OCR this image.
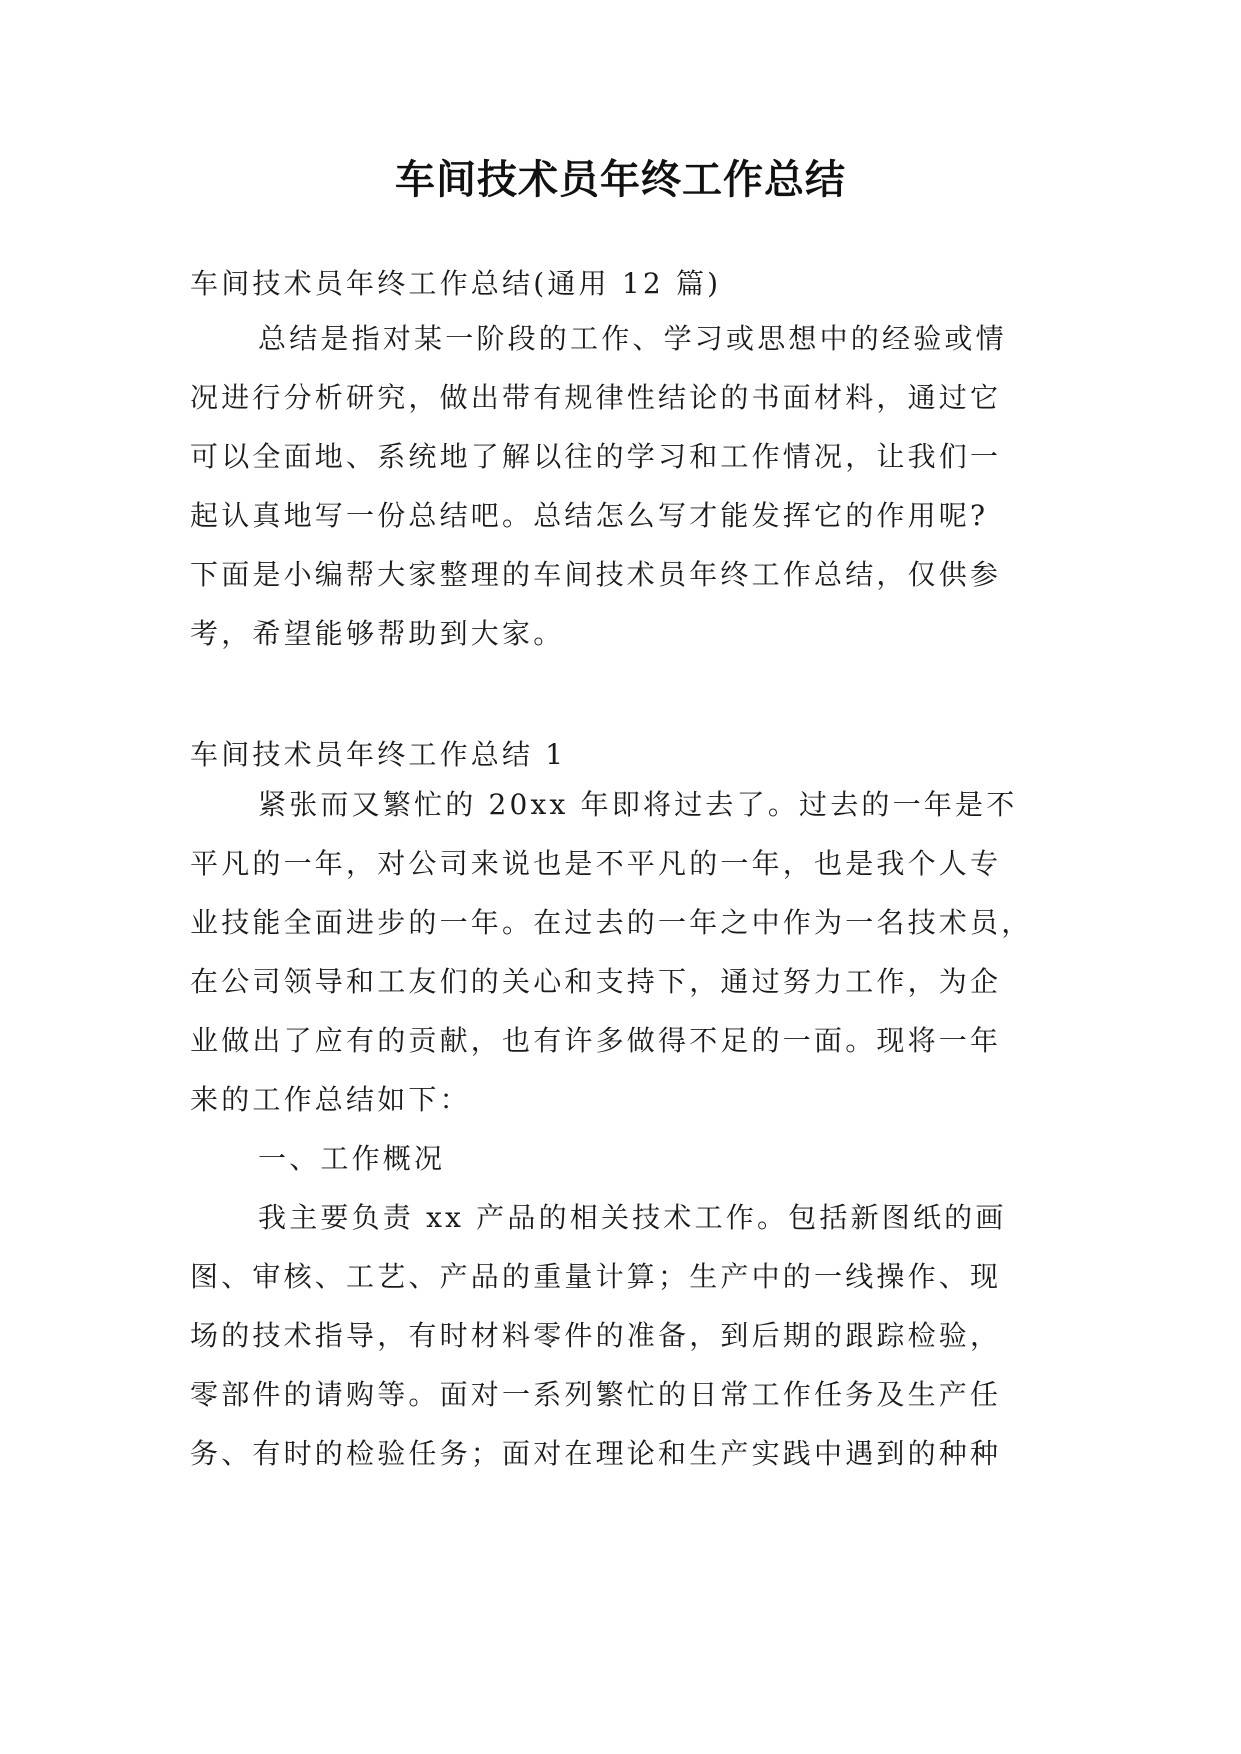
车间技术员年终工作总结
车间技术员年终工作总结(通用 12 篇)
总结是指对某一阶段的工作、学习或思想中的经验或情
况进行分析研究，做出带有规律性结论的书面材料，通过它
可以全面地、系统地了解以往的学习和工作情况，让我们一
起认真地写一份总结吧。总结怎么写才能发挥它的作用呢?
下面是小编帮大家整理的车间技术员年终工作总结，仅供参
考，希望能够帮助到大家。
车间技术员年终工作总结 1
紧张而又繁忙的 20xx 年即将过去了。过去的一年是不
平凡的一年，对公司来说也是不平凡的一年，也是我个人专
业技能全面进步的一年。在过去的一年之中作为一名技术员，
在公司领导和工友们的关心和支持下，通过努力工作，为企
业做出了应有的贡献，也有许多做得不足的一面。现将一年
来的工作总结如下：
一、工作概况
我主要负责 xx 产品的相关技术工作。包括新图纸的画
图、审核、工艺、产品的重量计算；生产中的一线操作、现
场的技术指导，有时材料零件的准备，到后期的跟踪检验，
零部件的请购等。面对一系列繁忙的日常工作任务及生产任
务、有时的检验任务；面对在理论和生产实践中遇到的种种
